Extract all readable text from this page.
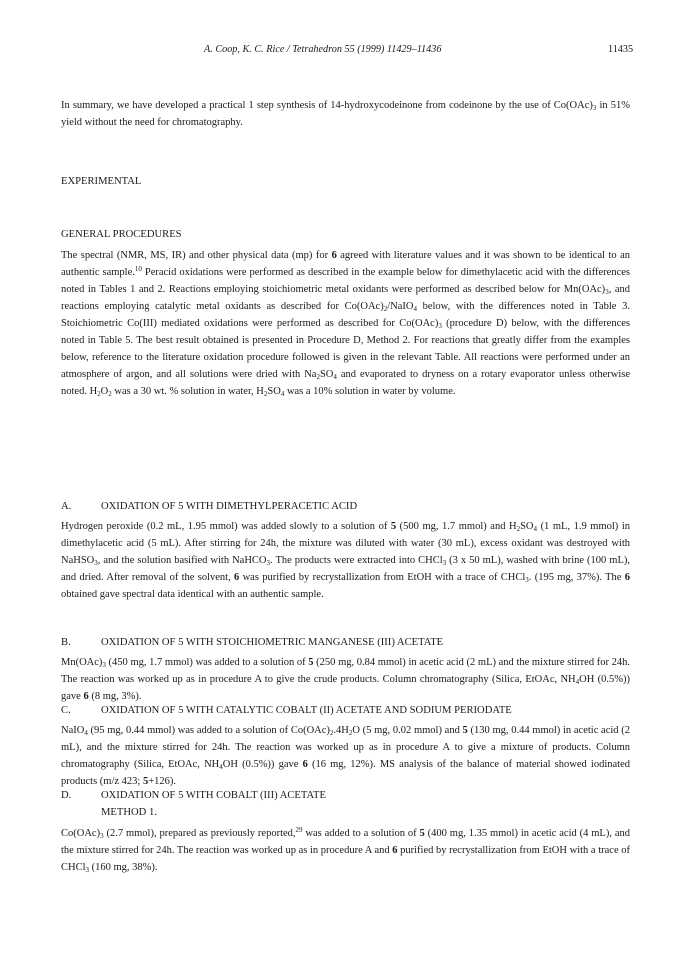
A. Coop, K. C. Rice / Tetrahedron 55 (1999) 11429–11436	11435

In summary, we have developed a practical 1 step synthesis of 14-hydroxycodeinone from codeinone by the use of $Co(OAc)_3$ in 51% yield without the need for chromatography.

EXPERIMENTAL
GENERAL PROCEDURES

The spectral (NMR, MS, IR) and other physical data (mp) for 6 agreed with literature values and it was shown to be identical to an authentic sample.$^{10}$ Peracid oxidations were performed as described in the example below for dimethylacetic acid with the differences noted in Tables 1 and 2. Reactions employing stoichiometric metal oxidants were performed as described below for $Mn(OAc)_3$, and reactions employing catalytic metal oxidants as described for $Co(OAc)_2/NaIO_4$ below, with the differences noted in Table 3. Stoichiometric Co(III) mediated oxidations were performed as described for $Co(OAc)_3$ (procedure D) below, with the differences noted in Table 5. The best result obtained is presented in Procedure D, Method 2. For reactions that greatly differ from the examples below, reference to the literature oxidation procedure followed is given in the relevant Table. All reactions were performed under an atmosphere of argon, and all solutions were dried with $Na_2SO_4$ and evaporated to dryness on a rotary evaporator unless otherwise noted. $H_2O_2$ was a 30 wt. % solution in water, $H_2SO_4$ was a 10% solution in water by volume.

A.	OXIDATION OF 5 WITH DIMETHYLPERACETIC ACID

Hydrogen peroxide (0.2 mL, 1.95 mmol) was added slowly to a solution of 5 (500 mg, 1.7 mmol) and $H_2SO_4$ (1 mL, 1.9 mmol) in dimethylacetic acid (5 mL). After stirring for 24h, the mixture was diluted with water (30 mL), excess oxidant was destroyed with NaHSO$_3$, and the solution basified with NaHCO$_3$. The products were extracted into CHCl$_3$ (3 x 50 mL), washed with brine (100 mL), and dried. After removal of the solvent, 6 was purified by recrystallization from EtOH with a trace of CHCl$_3$. (195 mg, 37%). The 6 obtained gave spectral data identical with an authentic sample.

B.	OXIDATION OF 5 WITH STOICHIOMETRIC MANGANESE (III) ACETATE

$Mn(OAc)_3$ (450 mg, 1.7 mmol) was added to a solution of 5 (250 mg, 0.84 mmol) in acetic acid (2 mL) and the mixture stirred for 24h. The reaction was worked up as in procedure A to give the crude products. Column chromatography (Silica, EtOAc, $NH_4OH$ (0.5%)) gave 6 (8 mg, 3%).

C.	OXIDATION OF 5 WITH CATALYTIC COBALT (II) ACETATE AND SODIUM PERIODATE

NaIO$_4$ (95 mg, 0.44 mmol) was added to a solution of $Co(OAc)_2.4H_2O$ (5 mg, 0.02 mmol) and 5 (130 mg, 0.44 mmol) in acetic acid (2 mL), and the mixture stirred for 24h. The reaction was worked up as in procedure A to give a mixture of products. Column chromatography (Silica, EtOAc, $NH_4OH$ (0.5%)) gave 6 (16 mg, 12%). MS analysis of the balance of material showed iodinated products (m/z 423; 5+126).

D.	OXIDATION OF 5 WITH COBALT (III) ACETATE
METHOD 1.

$Co(OAc)_3$ (2.7 mmol), prepared as previously reported,$^{29}$ was added to a solution of 5 (400 mg, 1.35 mmol) in acetic acid (4 mL), and the mixture stirred for 24h. The reaction was worked up as in procedure A and 6 purified by recrystallization from EtOH with a trace of CHCl$_3$ (160 mg, 38%).
